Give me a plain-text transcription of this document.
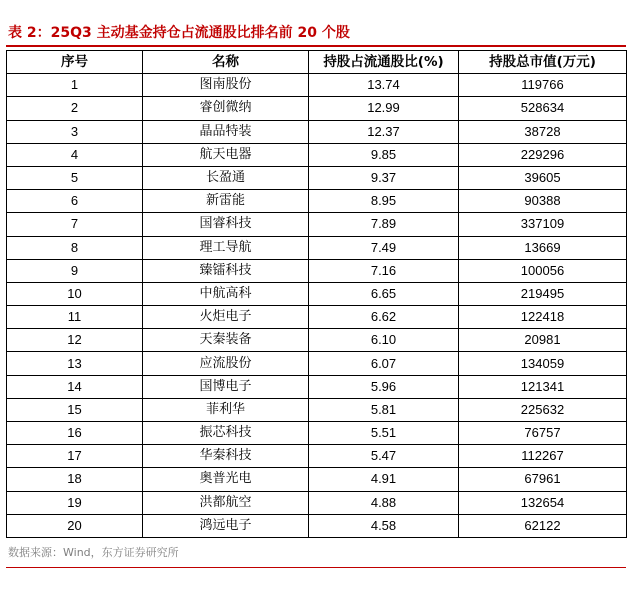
表 2：25Q3 主动基金持仓占流通股比排名前 20 个股
序号	名称	持股占流通股比(%)	持股总市值(万元)
1	图南股份	13.74	119766
2	睿创微纳	12.99	528634
3	晶品特装	12.37	38728
4	航天电器	9.85	229296
5	长盈通	9.37	39605
6	新雷能	8.95	90388
7	国睿科技	7.89	337109
8	理工导航	7.49	13669
9	臻镭科技	7.16	100056
10	中航高科	6.65	219495
11	火炬电子	6.62	122418
12	天秦装备	6.10	20981
13	应流股份	6.07	134059
14	国博电子	5.96	121341
15	菲利华	5.81	225632
16	振芯科技	5.51	76757
17	华秦科技	5.47	112267
18	奥普光电	4.91	67961
19	洪都航空	4.88	132654
20	鸿远电子	4.58	62122
数据来源：Wind，东方证券研究所
